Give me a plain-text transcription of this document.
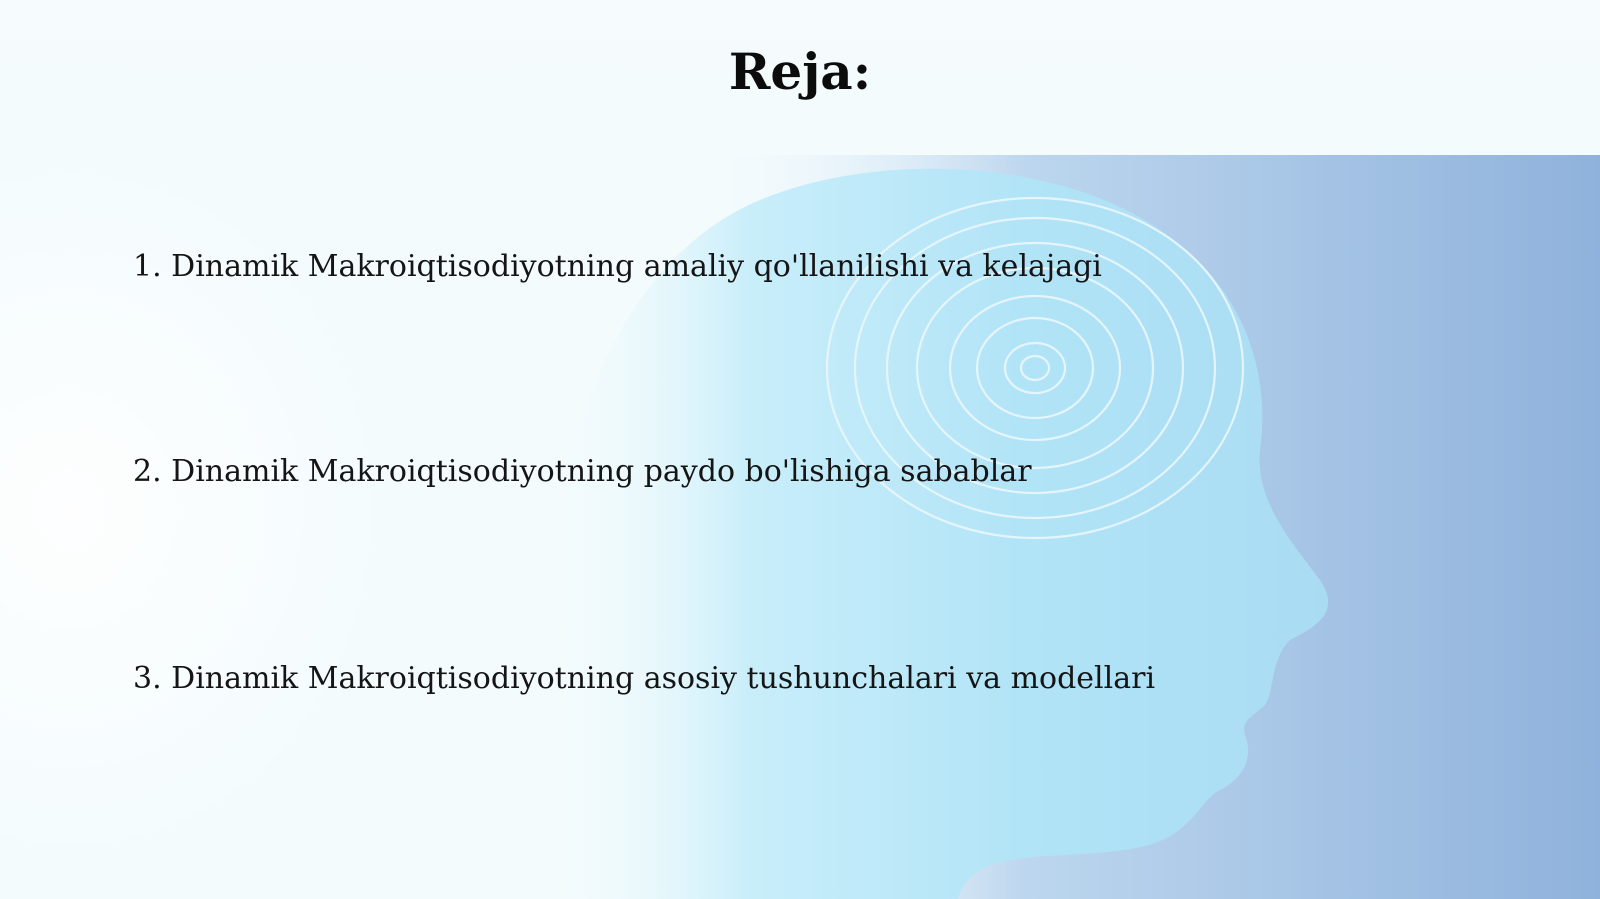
Reja:
1. Dinamik Makroiqtisodiyotning amaliy qo'llanilishi va kelajagi
2. Dinamik Makroiqtisodiyotning paydo bo'lishiga sabablar
3. Dinamik Makroiqtisodiyotning asosiy tushunchalari va modellari
